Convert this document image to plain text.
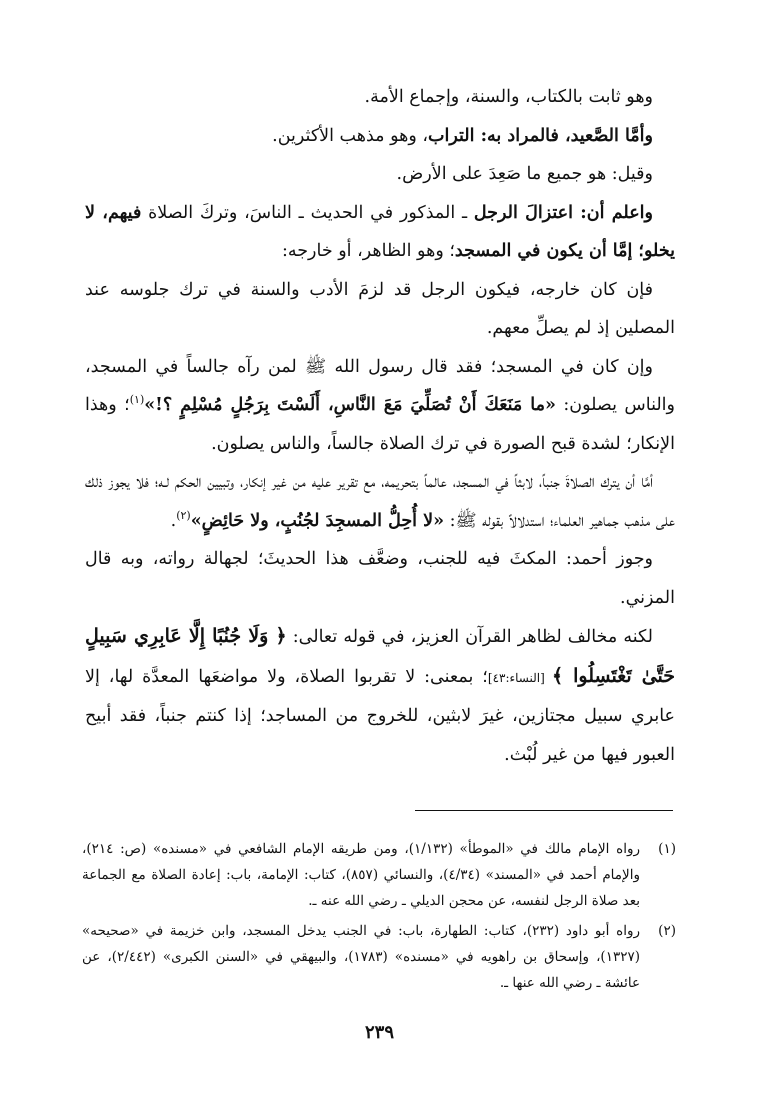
وهو ثابت بالكتاب، والسنة، وإجماع الأمة.

وأمَّا الصَّعيد، فالمراد به: التراب، وهو مذهب الأكثرين.

وقيل: هو جميع ما صَعِدَ على الأرض.

واعلم أن: اعتزالَ الرجل ـ المذكور في الحديث ـ الناسَ، وتركَ الصلاة فيهم، لا يخلو؛ إمَّا أن يكون في المسجد؛ وهو الظاهر، أو خارجه:

فإن كان خارجه، فيكون الرجل قد لزمَ الأدب والسنة في ترك جلوسه عند المصلين إذ لم يصلِّ معهم.

وإن كان في المسجد؛ فقد قال رسول الله ﷺ لمن رآه جالساً في المسجد، والناس يصلون: «ما مَنَعَكَ أَنْ تُصَلِّيَ مَعَ النَّاسِ، أَلَسْتَ بِرَجُلٍ مُسْلِمٍ ؟!»$^{(١)}$؛ وهذا الإنكار؛ لشدة قبح الصورة في ترك الصلاة جالساً، والناس يصلون.

أمَّا أن يترك الصلاةَ جنباً، لابثاً في المسجد، عالماً بتحريمه، مع تقرير عليه من غير إنكار، وتبيين الحكم لـه؛ فلا يجوز ذلك على مذهب جماهير العلماء؛ استدلالاً بقوله ﷺ: «لا أُحِلُّ المسجِدَ لجُنُبٍ، ولا حَائِضٍ»$^{(٢)}$.

وجوز أحمد: المكثَ فيه للجنب، وضعَّف هذا الحديثَ؛ لجهالة رواته، وبه قال المزني.

لكنه مخالف لظاهر القرآن العزيز، في قوله تعالى: ﴿ وَلَا جُنُبًا إِلَّا عَابِرِي سَبِيلٍ حَتَّىٰ تَغْتَسِلُوا ﴾ [النساء:٤٣]؛ بمعنى: لا تقربوا الصلاة، ولا مواضعَها المعدَّة لها، إلا عابري سبيل مجتازين، غيرَ لابثين، للخروج من المساجد؛ إذا كنتم جنباً، فقد أبيح العبور فيها من غير لُبْث.

(١)
رواه الإمام مالك في «الموطأ» (١/١٣٢)، ومن طريقه الإمام الشافعي في «مسنده» (ص: ٢١٤)، والإمام أحمد في «المسند» (٤/٣٤)، والنسائي (٨٥٧)، كتاب: الإمامة، باب: إعادة الصلاة مع الجماعة بعد صلاة الرجل لنفسه، عن محجن الديلي ـ رضي الله عنه ـ.
(٢)
رواه أبو داود (٢٣٢)، كتاب: الطهارة، باب: في الجنب يدخل المسجد، وابن خزيمة في «صحيحه» (١٣٢٧)، وإسحاق بن راهويه في «مسنده» (١٧٨٣)، والبيهقي في «السنن الكبرى» (٢/٤٤٢)، عن عائشة ـ رضي الله عنها ـ.
٢٣٩
